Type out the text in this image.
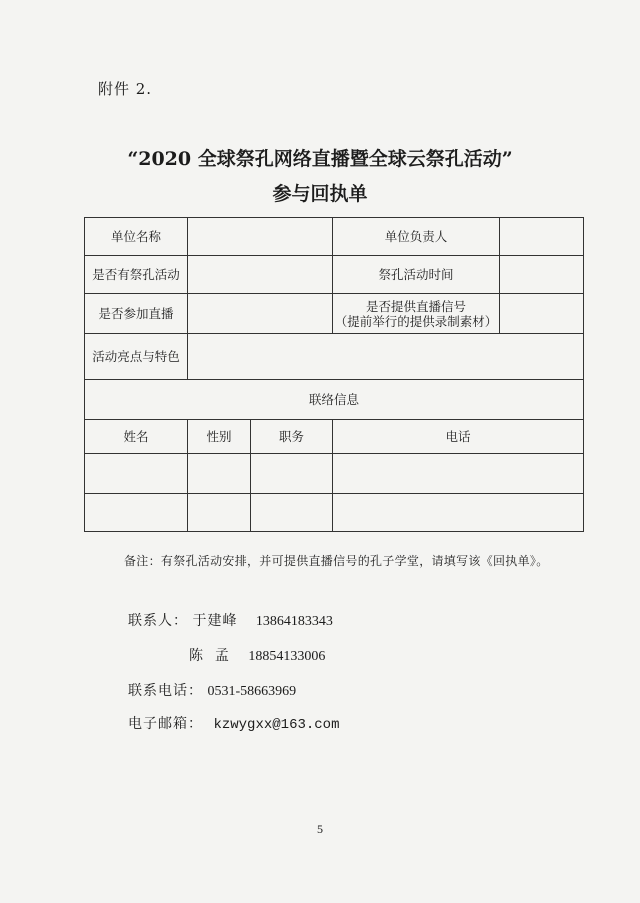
附件 2.
“2020 全球祭孔网络直播暨全球云祭孔活动”
参与回执单
单位名称			单位负责人	
是否有祭孔活动			祭孔活动时间	
是否参加直播			是否提供直播信号
（提前举行的提供录制素材）	

活动亮点与特色				
联络信息				
姓名	性别	职务	电话	

备注：有祭孔活动安排，并可提供直播信号的孔子学堂，请填写该《回执单》。
联系人： 于建峰 13864183343
陈  孟 18854133006
联系电话： 0531-58663969
电子邮箱： kzwygxx@163.com
5
